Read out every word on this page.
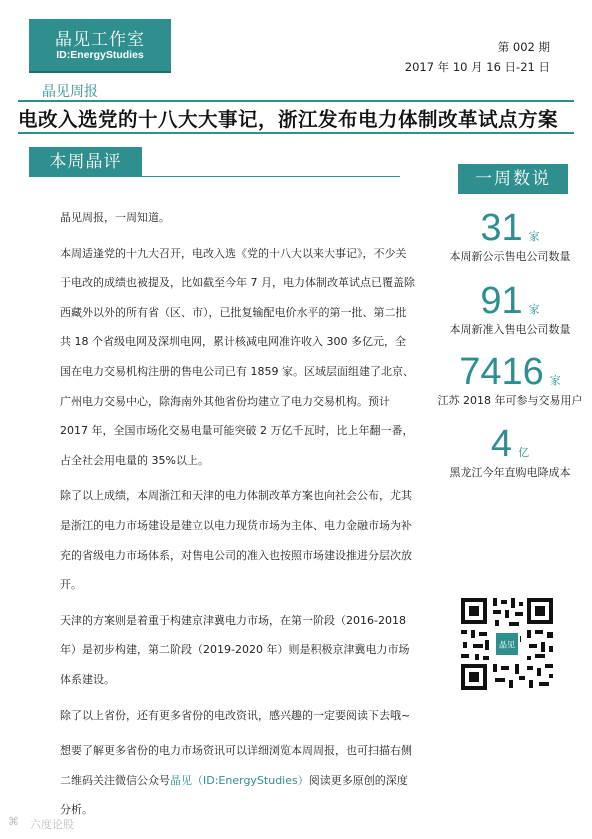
晶见工作室
ID:EnergyStudies
第 002 期
2017 年 10 月 16 日-21 日
晶见周报
电改入选党的十八大大事记，浙江发布电力体制改革试点方案
本周晶评

晶见周报，一周知道。

本周适逢党的十九大召开，电改入选《党的十八大以来大事记》，不少关于电改的成绩也被提及，比如截至今年 7 月，电力体制改革试点已覆盖除西藏外以外的所有省（区、市），已批复输配电价水平的第一批、第二批共 18 个省级电网及深圳电网，累计核减电网准许收入 300 多亿元，全国在电力交易机构注册的售电公司已有 1859 家。区域层面组建了北京、广州电力交易中心，除海南外其他省份均建立了电力交易机构。预计 2017 年，全国市场化交易电量可能突破 2 万亿千瓦时，比上年翻一番，占全社会用电量的 35%以上。

除了以上成绩，本周浙江和天津的电力体制改革方案也向社会公布，尤其是浙江的电力市场建设是建立以电力现货市场为主体、电力金融市场为补充的省级电力市场体系，对售电公司的准入也按照市场建设推进分层次放开。

天津的方案则是着重于构建京津冀电力市场，在第一阶段（2016-2018 年）是初步构建，第二阶段（2019-2020 年）则是积极京津冀电力市场体系建设。

除了以上省份，还有更多省份的电改资讯，感兴趣的一定要阅读下去哦~

想要了解更多省份的电力市场资讯可以详细浏览本周周报，也可扫描右侧二维码关注微信公众号晶见（ID:EnergyStudies）阅读更多原创的深度分析。

一周数说
31 家
本周新公示售电公司数量
91 家
本周新准入售电公司数量
7416 家
江苏 2018 年可参与交易用户
4 亿
黑龙江今年直购电降成本
晶见
⌘ 六度论股
